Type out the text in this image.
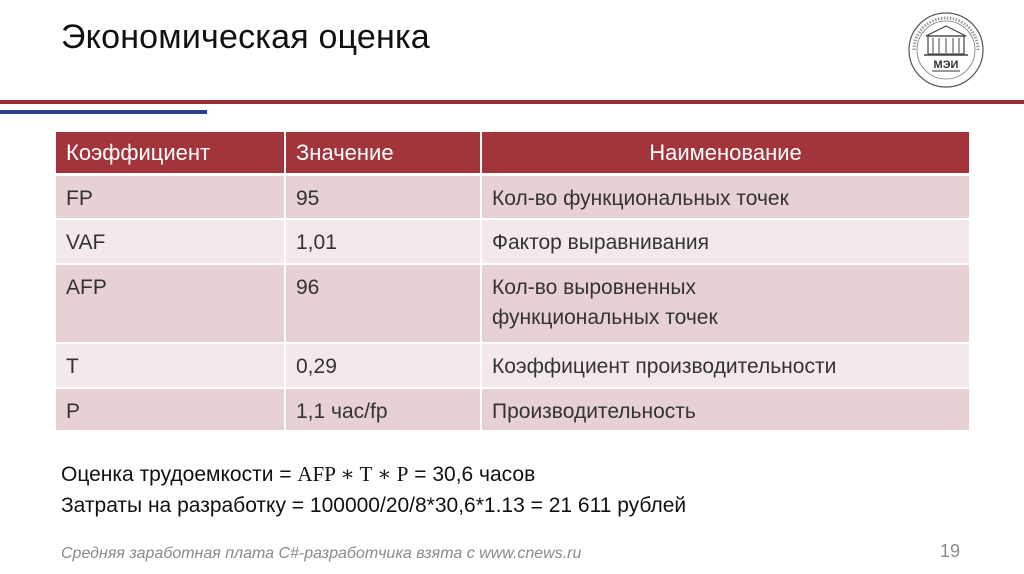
Экономическая оценка
МЭИ
Коэффициент	Значение	Наименование
FP	95	Кол-во функциональных точек
VAF	1,01	Фактор выравнивания
AFP	96	Кол-во выровненных функциональных точек
T	0,29	Коэффициент производительности
P	1,1 час/fp	Производительность
Оценка трудоемкости = AFP ∗ T ∗ P = 30,6 часов
Затраты на разработку = 100000/20/8*30,6*1.13 = 21 611 рублей
Средняя заработная плата C#-разработчика взята с www.cnews.ru	19
